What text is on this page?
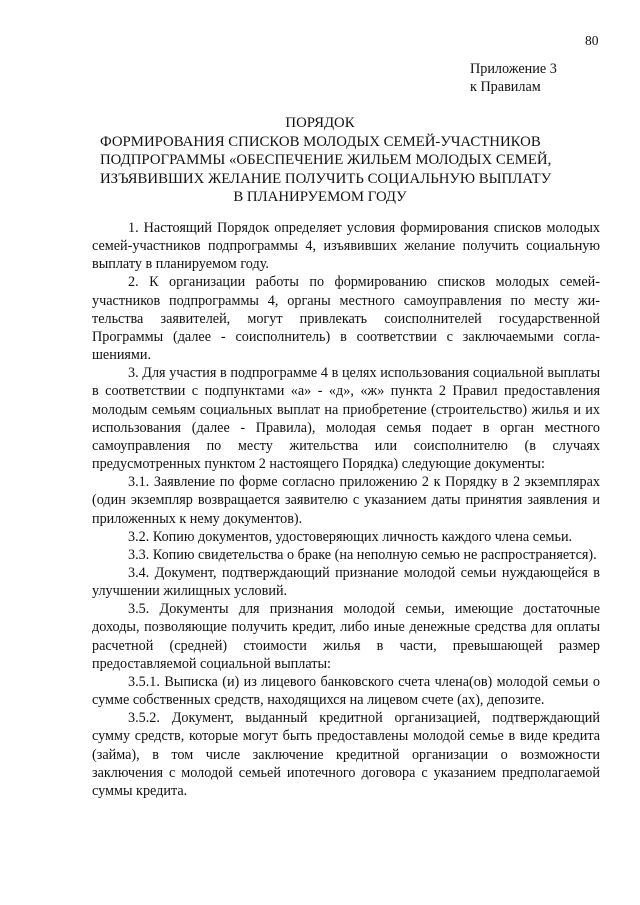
80
Приложение 3
к Правилам
ПОРЯДОК
ФОРМИРОВАНИЯ СПИСКОВ МОЛОДЫХ СЕМЕЙ-УЧАСТНИКОВ
ПОДПРОГРАММЫ «ОБЕСПЕЧЕНИЕ ЖИЛЬЕМ МОЛОДЫХ СЕМЕЙ,
ИЗЪЯВИВШИХ ЖЕЛАНИЕ ПОЛУЧИТЬ СОЦИАЛЬНУЮ ВЫПЛАТУ
В ПЛАНИРУЕМОМ ГОДУ

1. Настоящий Порядок определяет условия формирования списков молодых семей-участников подпрограммы 4, изъявивших желание получить социальную выплату в планируемом году.

2. К организации работы по формированию списков молодых семей-участников подпрограммы 4, органы местного самоуправления по месту жительства заявителей, могут привлекать соисполнителей государственной Программы (далее - соисполнитель) в соответствии с заключаемыми соглашениями.

3. Для участия в подпрограмме 4 в целях использования социальной выплаты в соответствии с подпунктами «а» - «д», «ж» пункта 2 Правил предоставления молодым семьям социальных выплат на приобретение (строительство) жилья и их использования (далее - Правила), молодая семья подает в орган местного самоуправления по месту жительства или соисполнителю (в случаях предусмотренных пунктом 2 настоящего Порядка) следующие документы:

3.1. Заявление по форме согласно приложению 2 к Порядку в 2 экземплярах (один экземпляр возвращается заявителю с указанием даты принятия заявления и приложенных к нему документов).

3.2. Копию документов, удостоверяющих личность каждого члена семьи.

3.3. Копию свидетельства о браке (на неполную семью не распространяется).

3.4. Документ, подтверждающий признание молодой семьи нуждающейся в улучшении жилищных условий.

3.5. Документы для признания молодой семьи, имеющие достаточные доходы, позволяющие получить кредит, либо иные денежные средства для оплаты расчетной (средней) стоимости жилья в части, превышающей размер предоставляемой социальной выплаты:

3.5.1. Выписка (и) из лицевого банковского счета члена(ов) молодой семьи о сумме собственных средств, находящихся на лицевом счете (ах), депозите.

3.5.2. Документ, выданный кредитной организацией, подтверждающий сумму средств, которые могут быть предоставлены молодой семье в виде кредита (займа), в том числе заключение кредитной организации о возможности заключения с молодой семьей ипотечного договора с указанием предполагаемой суммы кредита.
